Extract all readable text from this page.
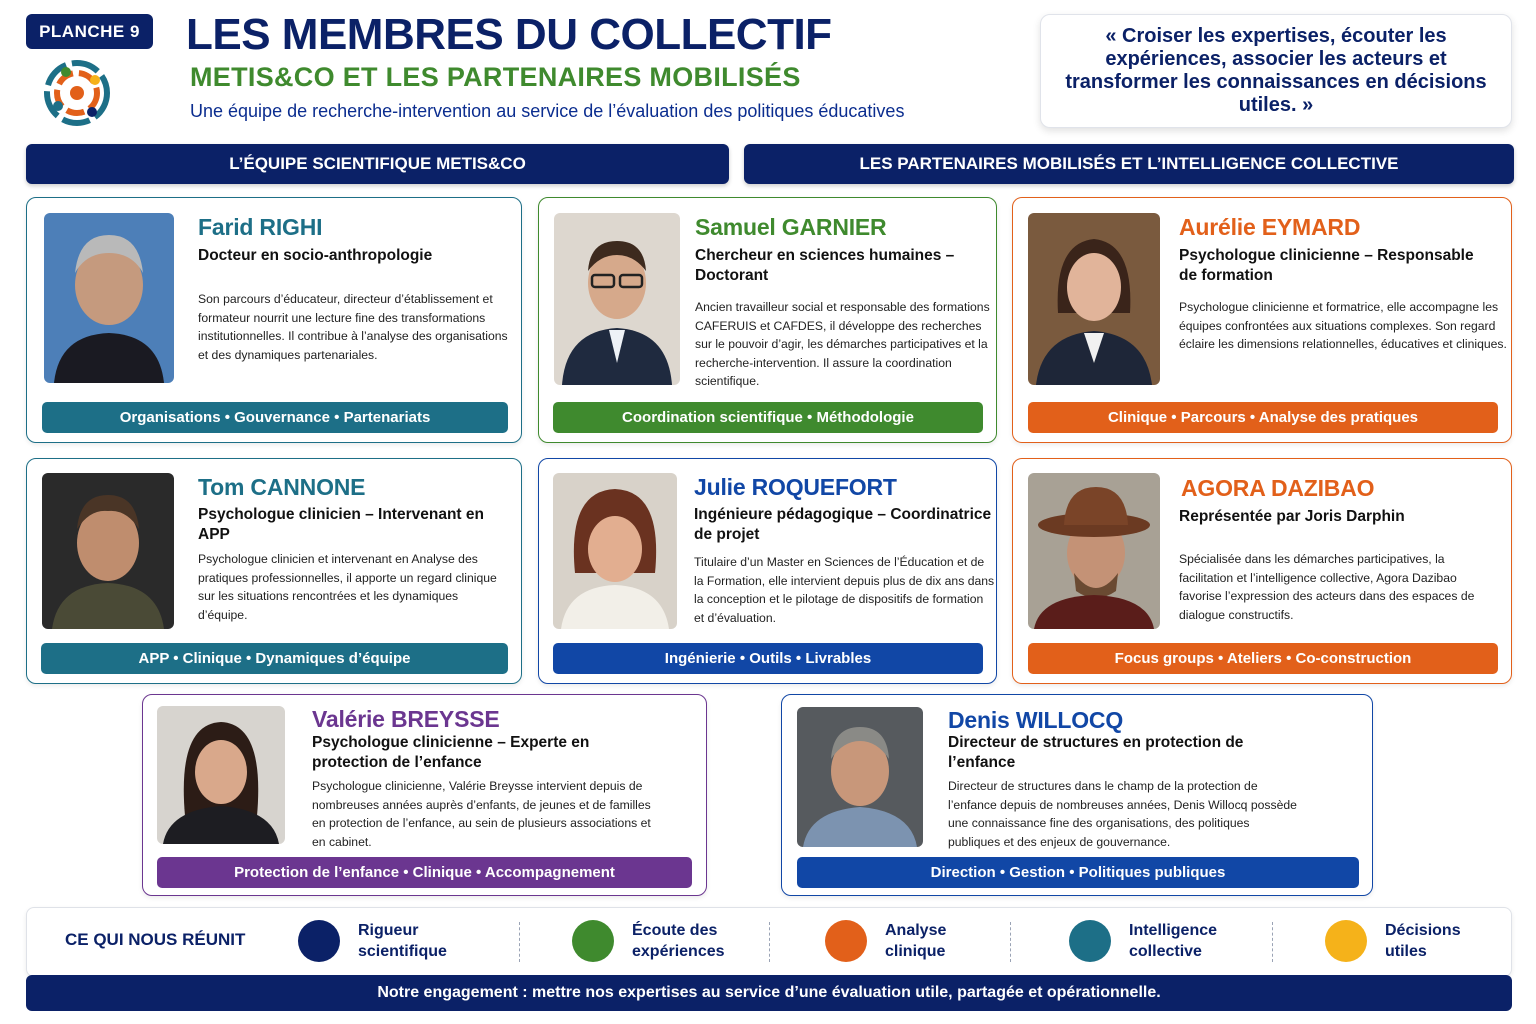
PLANCHE 9 LES MEMBRES DU COLLECTIF
METIS&CO ET LES PARTENAIRES MOBILISÉS
Une équipe de recherche-intervention au service de l’évaluation des politiques éducatives
« Croiser les expertises, écouter les expériences, associer les acteurs et transformer les connaissances en décisions utiles. »
L’ÉQUIPE SCIENTIFIQUE METIS&CO	LES PARTENAIRES MOBILISÉS ET L’INTELLIGENCE COLLECTIVE
Farid RIGHI
Docteur en socio-anthropologie
Son parcours d’éducateur, directeur d’établissement et formateur nourrit une lecture fine des transformations institutionnelles. Il contribue à l’analyse des organisations et des dynamiques partenariales.
Organisations • Gouvernance • Partenariats
Samuel GARNIER
Chercheur en sciences humaines – Doctorant
Ancien travailleur social et responsable des formations CAFERUIS et CAFDES, il développe des recherches sur le pouvoir d’agir, les démarches participatives et la recherche-intervention. Il assure la coordination scientifique.
Coordination scientifique • Méthodologie
Aurélie EYMARD
Psychologue clinicienne – Responsable de formation
Psychologue clinicienne et formatrice, elle accompagne les équipes confrontées aux situations complexes. Son regard éclaire les dimensions relationnelles, éducatives et cliniques.
Clinique • Parcours • Analyse des pratiques
Tom CANNONE
Psychologue clinicien – Intervenant en APP
Psychologue clinicien et intervenant en Analyse des pratiques professionnelles, il apporte un regard clinique sur les situations rencontrées et les dynamiques d’équipe.
APP • Clinique • Dynamiques d’équipe
Julie ROQUEFORT
Ingénieure pédagogique – Coordinatrice de projet
Titulaire d’un Master en Sciences de l’Éducation et de la Formation, elle intervient depuis plus de dix ans dans la conception et le pilotage de dispositifs de formation et d’évaluation.
Ingénierie • Outils • Livrables
AGORA DAZIBAO
Représentée par Joris Darphin
Spécialisée dans les démarches participatives, la facilitation et l’intelligence collective, Agora Dazibao favorise l’expression des acteurs dans des espaces de dialogue constructifs.
Focus groups • Ateliers • Co-construction
Valérie BREYSSE
Psychologue clinicienne – Experte en protection de l’enfance
Psychologue clinicienne, Valérie Breysse intervient depuis de nombreuses années auprès d’enfants, de jeunes et de familles en protection de l’enfance, au sein de plusieurs associations et en cabinet.
Protection de l’enfance • Clinique • Accompagnement
Denis WILLOCQ
Directeur de structures en protection de l’enfance
Directeur de structures dans le champ de la protection de l’enfance depuis de nombreuses années, Denis Willocq possède une connaissance fine des organisations, des politiques publiques et des enjeux de gouvernance.
Direction • Gestion • Politiques publiques
CE QUI NOUS RÉUNIT	Rigueur scientifique
Écoute des expériences
Analyse clinique
Intelligence collective
Décisions utiles
Notre engagement : mettre nos expertises au service d’une évaluation utile, partagée et opérationnelle.
